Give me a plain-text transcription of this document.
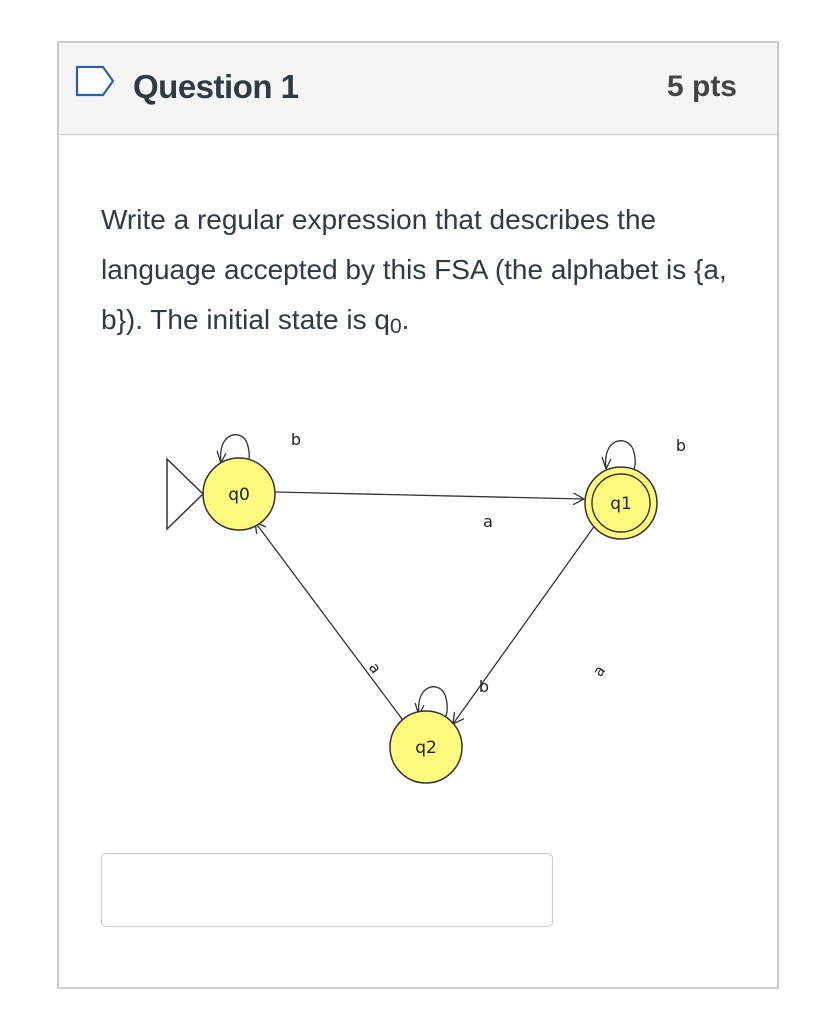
Question 1	5 pts
Write a regular expression that describes the language accepted by this FSA (the alphabet is {a, b}). The initial state is q0.
b
a
b
a
b
a
q0	q1
q2
